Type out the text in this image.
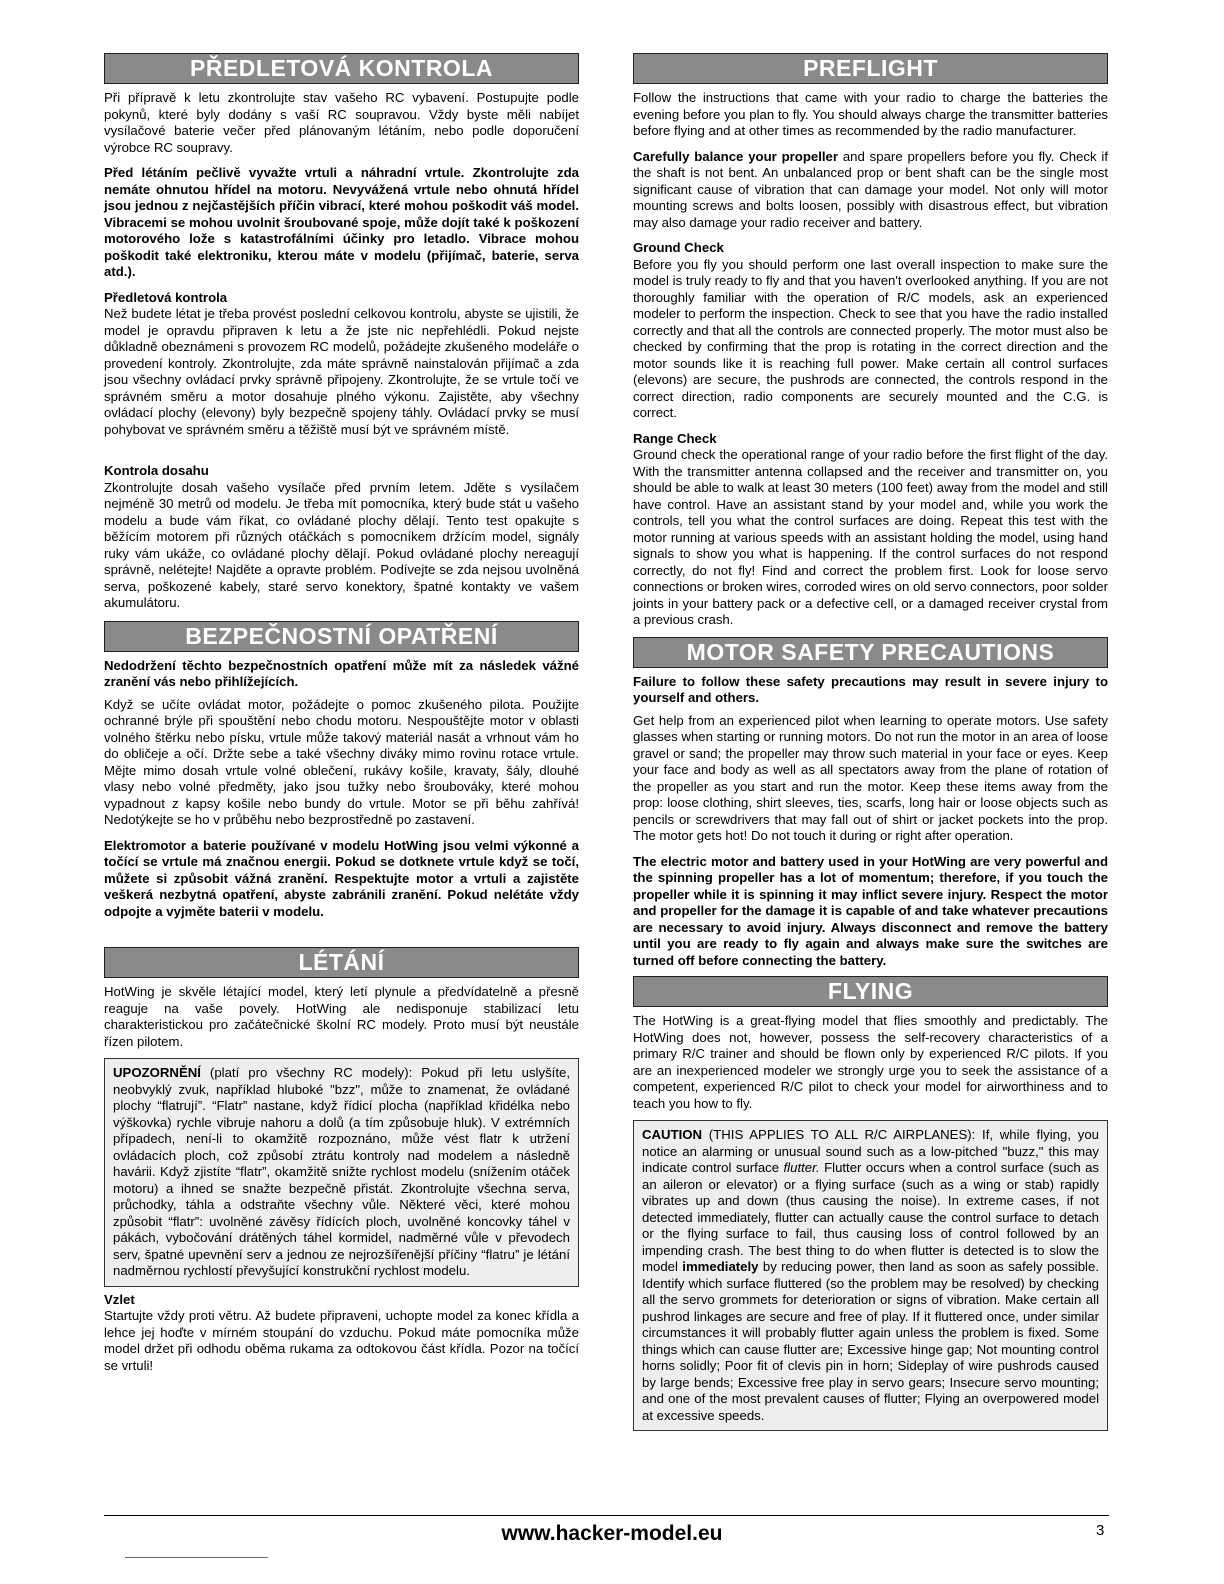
PŘEDLETOVÁ KONTROLA

Při přípravě k letu zkontrolujte stav vašeho RC vybavení. Postupujte podle pokynů, které byly dodány s vaší RC soupravou. Vždy byste měli nabíjet vysílačové baterie večer před plánovaným létáním, nebo podle doporučení výrobce RC soupravy.

Před létáním pečlivě vyvažte vrtuli a náhradní vrtule. Zkontrolujte zda nemáte ohnutou hřídel na motoru. Nevyvážená vrtule nebo ohnutá hřídel jsou jednou z nejčastějších příčin vibrací, které mohou poškodit váš model. Vibracemi se mohou uvolnit šroubované spoje, může dojít také k poškození motorového lože s katastrofálními účinky pro letadlo. Vibrace mohou poškodit také elektroniku, kterou máte v modelu (přijímač, baterie, serva atd.).

Předletová kontrola

Než budete létat je třeba provést poslední celkovou kontrolu, abyste se ujistili, že model je opravdu připraven k letu a že jste nic nepřehlédli. Pokud nejste důkladně obeznámeni s provozem RC modelů, požádejte zkušeného modeláře o provedení kontroly. Zkontrolujte, zda máte správně nainstalován přijímač a zda jsou všechny ovládací prvky správně připojeny. Zkontrolujte, že se vrtule točí ve správném směru a motor dosahuje plného výkonu. Zajistěte, aby všechny ovládací plochy (elevony) byly bezpečně spojeny táhly. Ovládací prvky se musí pohybovat ve správném směru a těžiště musí být ve správném místě.

Kontrola dosahu

Zkontrolujte dosah vašeho vysílače před prvním letem. Jděte s vysílačem nejméně 30 metrů od modelu. Je třeba mít pomocníka, který bude stát u vašeho modelu a bude vám říkat, co ovládané plochy dělají. Tento test opakujte s běžícím motorem při různých otáčkách s pomocníkem držícím model, signály ruky vám ukáže, co ovládané plochy dělají. Pokud ovládané plochy nereagují správně, nelétejte! Najděte a opravte problém. Podívejte se zda nejsou uvolněná serva, poškozené kabely, staré servo konektory, špatné kontakty ve vašem akumulátoru.

BEZPEČNOSTNÍ OPATŘENÍ

Nedodržení těchto bezpečnostních opatření může mít za následek vážné zranění vás nebo přihlížejících.

Když se učíte ovládat motor, požádejte o pomoc zkušeného pilota. Použijte ochranné brýle při spouštění nebo chodu motoru. Nespouštějte motor v oblasti volného štěrku nebo písku, vrtule může takový materiál nasát a vrhnout vám ho do obličeje a očí. Držte sebe a také všechny diváky mimo rovinu rotace vrtule. Mějte mimo dosah vrtule volné oblečení, rukávy košile, kravaty, šály, dlouhé vlasy nebo volné předměty, jako jsou tužky nebo šroubováky, které mohou vypadnout z kapsy košile nebo bundy do vrtule. Motor se při běhu zahřívá! Nedotýkejte se ho v průběhu nebo bezprostředně po zastavení.

Elektromotor a baterie používané v modelu HotWing jsou velmi výkonné a točící se vrtule má značnou energii. Pokud se dotknete vrtule když se točí, můžete si způsobit vážná zranění. Respektujte motor a vrtuli a zajistěte veškerá nezbytná opatření, abyste zabránili zranění. Pokud nelétáte vždy odpojte a vyjměte baterii v modelu.

LÉTÁNÍ

HotWing je skvěle létající model, který letí plynule a předvídatelně a přesně reaguje na vaše povely. HotWing ale nedisponuje stabilizací letu charakteristickou pro začátečnické školní RC modely. Proto musí být neustále řízen pilotem.

UPOZORNĚNÍ (platí pro všechny RC modely): Pokud při letu uslyšíte, neobvyklý zvuk, například hluboké "bzz", může to znamenat, že ovládané plochy “flatrují”. “Flatr” nastane, když řídicí plocha (například křidélka nebo výškovka) rychle vibruje nahoru a dolů (a tím způsobuje hluk). V extrémních případech, není-li to okamžitě rozpoznáno, může vést flatr k utržení ovládacích ploch, což způsobí ztrátu kontroly nad modelem a následně havárii. Když zjistíte “flatr”, okamžitě snižte rychlost modelu (snížením otáček motoru) a ihned se snažte bezpečně přistát. Zkontrolujte všechna serva, průchodky, táhla a odstraňte všechny vůle. Některé věci, které mohou způsobit “flatr”: uvolněné závěsy řídících ploch, uvolněné koncovky táhel v pákách, vybočování drátěných táhel kormidel, nadměrné vůle v převodech serv, špatné upevnění serv a jednou ze nejrozšířenější příčiny “flatru” je létání nadměrnou rychlostí převyšující konstrukční rychlost modelu.

Vzlet

Startujte vždy proti větru. Až budete připraveni, uchopte model za konec křídla a lehce jej hoďte v mírném stoupání do vzduchu. Pokud máte pomocníka může model držet při odhodu oběma rukama za odtokovou část křídla. Pozor na točící se vrtuli!

PREFLIGHT

Follow the instructions that came with your radio to charge the batteries the evening before you plan to fly. You should always charge the transmitter batteries before flying and at other times as recommended by the radio manufacturer.

Carefully balance your propeller and spare propellers before you fly. Check if the shaft is not bent. An unbalanced prop or bent shaft can be the single most significant cause of vibration that can damage your model. Not only will motor mounting screws and bolts loosen, possibly with disastrous effect, but vibration may also damage your radio receiver and battery.

Ground Check

Before you fly you should perform one last overall inspection to make sure the model is truly ready to fly and that you haven't overlooked anything. If you are not thoroughly familiar with the operation of R/C models, ask an experienced modeler to perform the inspection. Check to see that you have the radio installed correctly and that all the controls are connected properly. The motor must also be checked by confirming that the prop is rotating in the correct direction and the motor sounds like it is reaching full power. Make certain all control surfaces (elevons) are secure, the pushrods are connected, the controls respond in the correct direction, radio components are securely mounted and the C.G. is correct.

Range Check

Ground check the operational range of your radio before the first flight of the day. With the transmitter antenna collapsed and the receiver and transmitter on, you should be able to walk at least 30 meters (100 feet) away from the model and still have control. Have an assistant stand by your model and, while you work the controls, tell you what the control surfaces are doing. Repeat this test with the motor running at various speeds with an assistant holding the model, using hand signals to show you what is happening. If the control surfaces do not respond correctly, do not fly! Find and correct the problem first. Look for loose servo connections or broken wires, corroded wires on old servo connectors, poor solder joints in your battery pack or a defective cell, or a damaged receiver crystal from a previous crash.

MOTOR SAFETY PRECAUTIONS

Failure to follow these safety precautions may result in severe injury to yourself and others.

Get help from an experienced pilot when learning to operate motors. Use safety glasses when starting or running motors. Do not run the motor in an area of loose gravel or sand; the propeller may throw such material in your face or eyes. Keep your face and body as well as all spectators away from the plane of rotation of the propeller as you start and run the motor. Keep these items away from the prop: loose clothing, shirt sleeves, ties, scarfs, long hair or loose objects such as pencils or screwdrivers that may fall out of shirt or jacket pockets into the prop. The motor gets hot! Do not touch it during or right after operation.

The electric motor and battery used in your HotWing are very powerful and the spinning propeller has a lot of momentum; therefore, if you touch the propeller while it is spinning it may inflict severe injury. Respect the motor and propeller for the damage it is capable of and take whatever precautions are necessary to avoid injury. Always disconnect and remove the battery until you are ready to fly again and always make sure the switches are turned off before connecting the battery.

FLYING

The HotWing is a great-flying model that flies smoothly and predictably. The HotWing does not, however, possess the self-recovery characteristics of a primary R/C trainer and should be flown only by experienced R/C pilots. If you are an inexperienced modeler we strongly urge you to seek the assistance of a competent, experienced R/C pilot to check your model for airworthiness and to teach you how to fly.

CAUTION (THIS APPLIES TO ALL R/C AIRPLANES): If, while flying, you notice an alarming or unusual sound such as a low-pitched "buzz," this may indicate control surface flutter. Flutter occurs when a control surface (such as an aileron or elevator) or a flying surface (such as a wing or stab) rapidly vibrates up and down (thus causing the noise). In extreme cases, if not detected immediately, flutter can actually cause the control surface to detach or the flying surface to fail, thus causing loss of control followed by an impending crash. The best thing to do when flutter is detected is to slow the model immediately by reducing power, then land as soon as safely possible. Identify which surface fluttered (so the problem may be resolved) by checking all the servo grommets for deterioration or signs of vibration. Make certain all pushrod linkages are secure and free of play. If it fluttered once, under similar circumstances it will probably flutter again unless the problem is fixed. Some things which can cause flutter are; Excessive hinge gap; Not mounting control horns solidly; Poor fit of clevis pin in horn; Sideplay of wire pushrods caused by large bends; Excessive free play in servo gears; Insecure servo mounting; and one of the most prevalent causes of flutter; Flying an overpowered model at excessive speeds.

www.hacker-model.eu	3
